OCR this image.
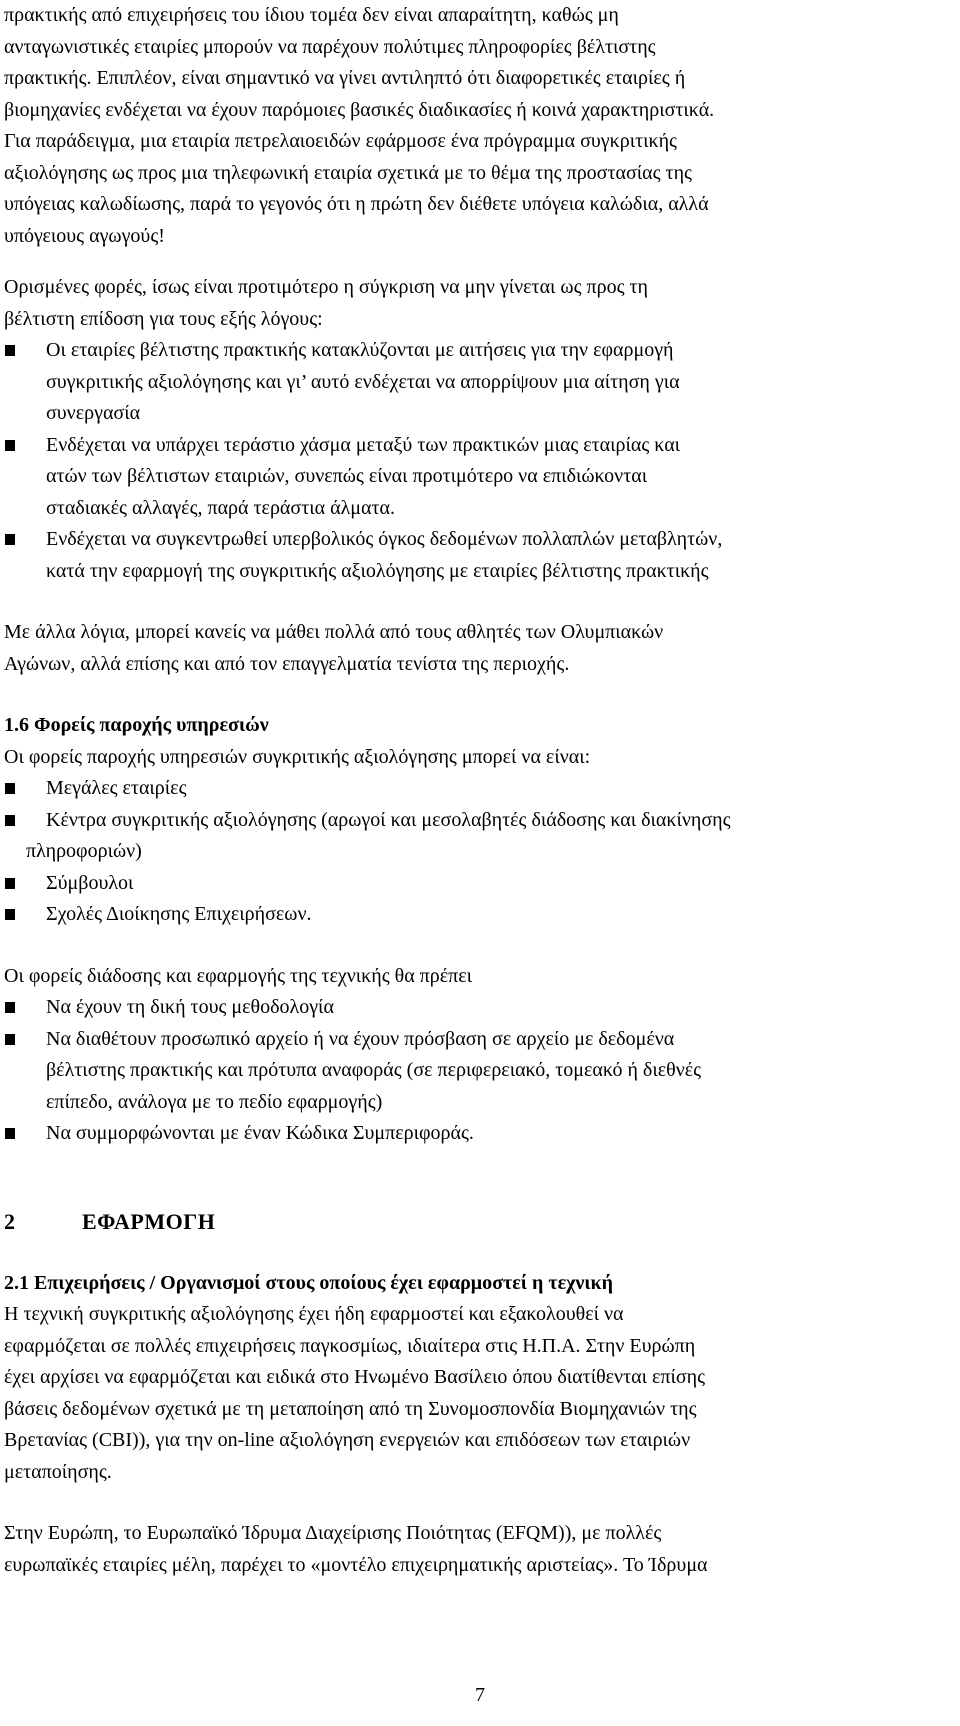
πρακτικής από επιχειρήσεις του ίδιου τομέα δεν είναι απαραίτητη, καθώς μη

ανταγωνιστικές εταιρίες μπορούν να παρέχουν πολύτιμες πληροφορίες βέλτιστης

πρακτικής. Επιπλέον, είναι σημαντικό να γίνει αντιληπτό ότι διαφορετικές εταιρίες ή

βιομηχανίες ενδέχεται να έχουν παρόμοιες βασικές διαδικασίες ή κοινά χαρακτηριστικά.

Για παράδειγμα, μια εταιρία πετρελαιοειδών εφάρμοσε ένα πρόγραμμα συγκριτικής

αξιολόγησης ως προς μια τηλεφωνική εταιρία σχετικά με το θέμα της προστασίας της

υπόγειας καλωδίωσης, παρά το γεγονός ότι η πρώτη δεν διέθετε υπόγεια καλώδια, αλλά

υπόγειους αγωγούς!

Ορισμένες φορές, ίσως είναι προτιμότερο η σύγκριση να μην γίνεται ως προς τη

βέλτιστη επίδοση για τους εξής λόγους:

Οι εταιρίες βέλτιστης πρακτικής κατακλύζονται με αιτήσεις για την εφαρμογή
συγκριτικής αξιολόγησης και γι’ αυτό ενδέχεται να απορρίψουν μια αίτηση για
συνεργασία
Ενδέχεται να υπάρχει τεράστιο χάσμα μεταξύ των πρακτικών μιας εταιρίας και
ατών των βέλτιστων εταιριών, συνεπώς είναι προτιμότερο να επιδιώκονται
σταδιακές αλλαγές, παρά τεράστια άλματα.
Ενδέχεται να συγκεντρωθεί υπερβολικός όγκος δεδομένων πολλαπλών μεταβλητών,
κατά την εφαρμογή της συγκριτικής αξιολόγησης με εταιρίες βέλτιστης πρακτικής

Με άλλα λόγια, μπορεί κανείς να μάθει πολλά από τους αθλητές των Ολυμπιακών

Αγώνων, αλλά επίσης και από τον επαγγελματία τενίστα της περιοχής.

1.6 Φορείς παροχής υπηρεσιών

Οι φορείς παροχής υπηρεσιών συγκριτικής αξιολόγησης μπορεί να είναι:

Μεγάλες εταιρίες
Κέντρα συγκριτικής αξιολόγησης (αρωγοί και μεσολαβητές διάδοσης και διακίνησης
πληροφοριών)
Σύμβουλοι
Σχολές Διοίκησης Επιχειρήσεων.

Οι φορείς διάδοσης και εφαρμογής της τεχνικής θα πρέπει

Να έχουν τη δική τους μεθοδολογία
Να διαθέτουν προσωπικό αρχείο ή να έχουν πρόσβαση σε αρχείο με δεδομένα
βέλτιστης πρακτικής και πρότυπα αναφοράς (σε περιφερειακό, τομεακό ή διεθνές
επίπεδο, ανάλογα με το πεδίο εφαρμογής)
Να συμμορφώνονται με έναν Κώδικα Συμπεριφοράς.
2	ΕΦΑΡΜΟΓΗ
2.1 Επιχειρήσεις / Οργανισμοί στους οποίους έχει εφαρμοστεί η τεχνική

Η τεχνική συγκριτικής αξιολόγησης έχει ήδη εφαρμοστεί και εξακολουθεί να

εφαρμόζεται σε πολλές επιχειρήσεις παγκοσμίως, ιδιαίτερα στις Η.Π.Α. Στην Ευρώπη

έχει αρχίσει να εφαρμόζεται και ειδικά στο Ηνωμένο Βασίλειο όπου διατίθενται επίσης

βάσεις δεδομένων σχετικά με τη μεταποίηση από τη Συνομοσπονδία Βιομηχανιών της

Βρετανίας (CBI)), για την on-line αξιολόγηση ενεργειών και επιδόσεων των εταιριών

μεταποίησης.

Στην Ευρώπη, το Ευρωπαϊκό Ίδρυμα Διαχείρισης Ποιότητας (EFQM)), με πολλές

ευρωπαϊκές εταιρίες μέλη, παρέχει το «μοντέλο επιχειρηματικής αριστείας». Το Ίδρυμα

7
